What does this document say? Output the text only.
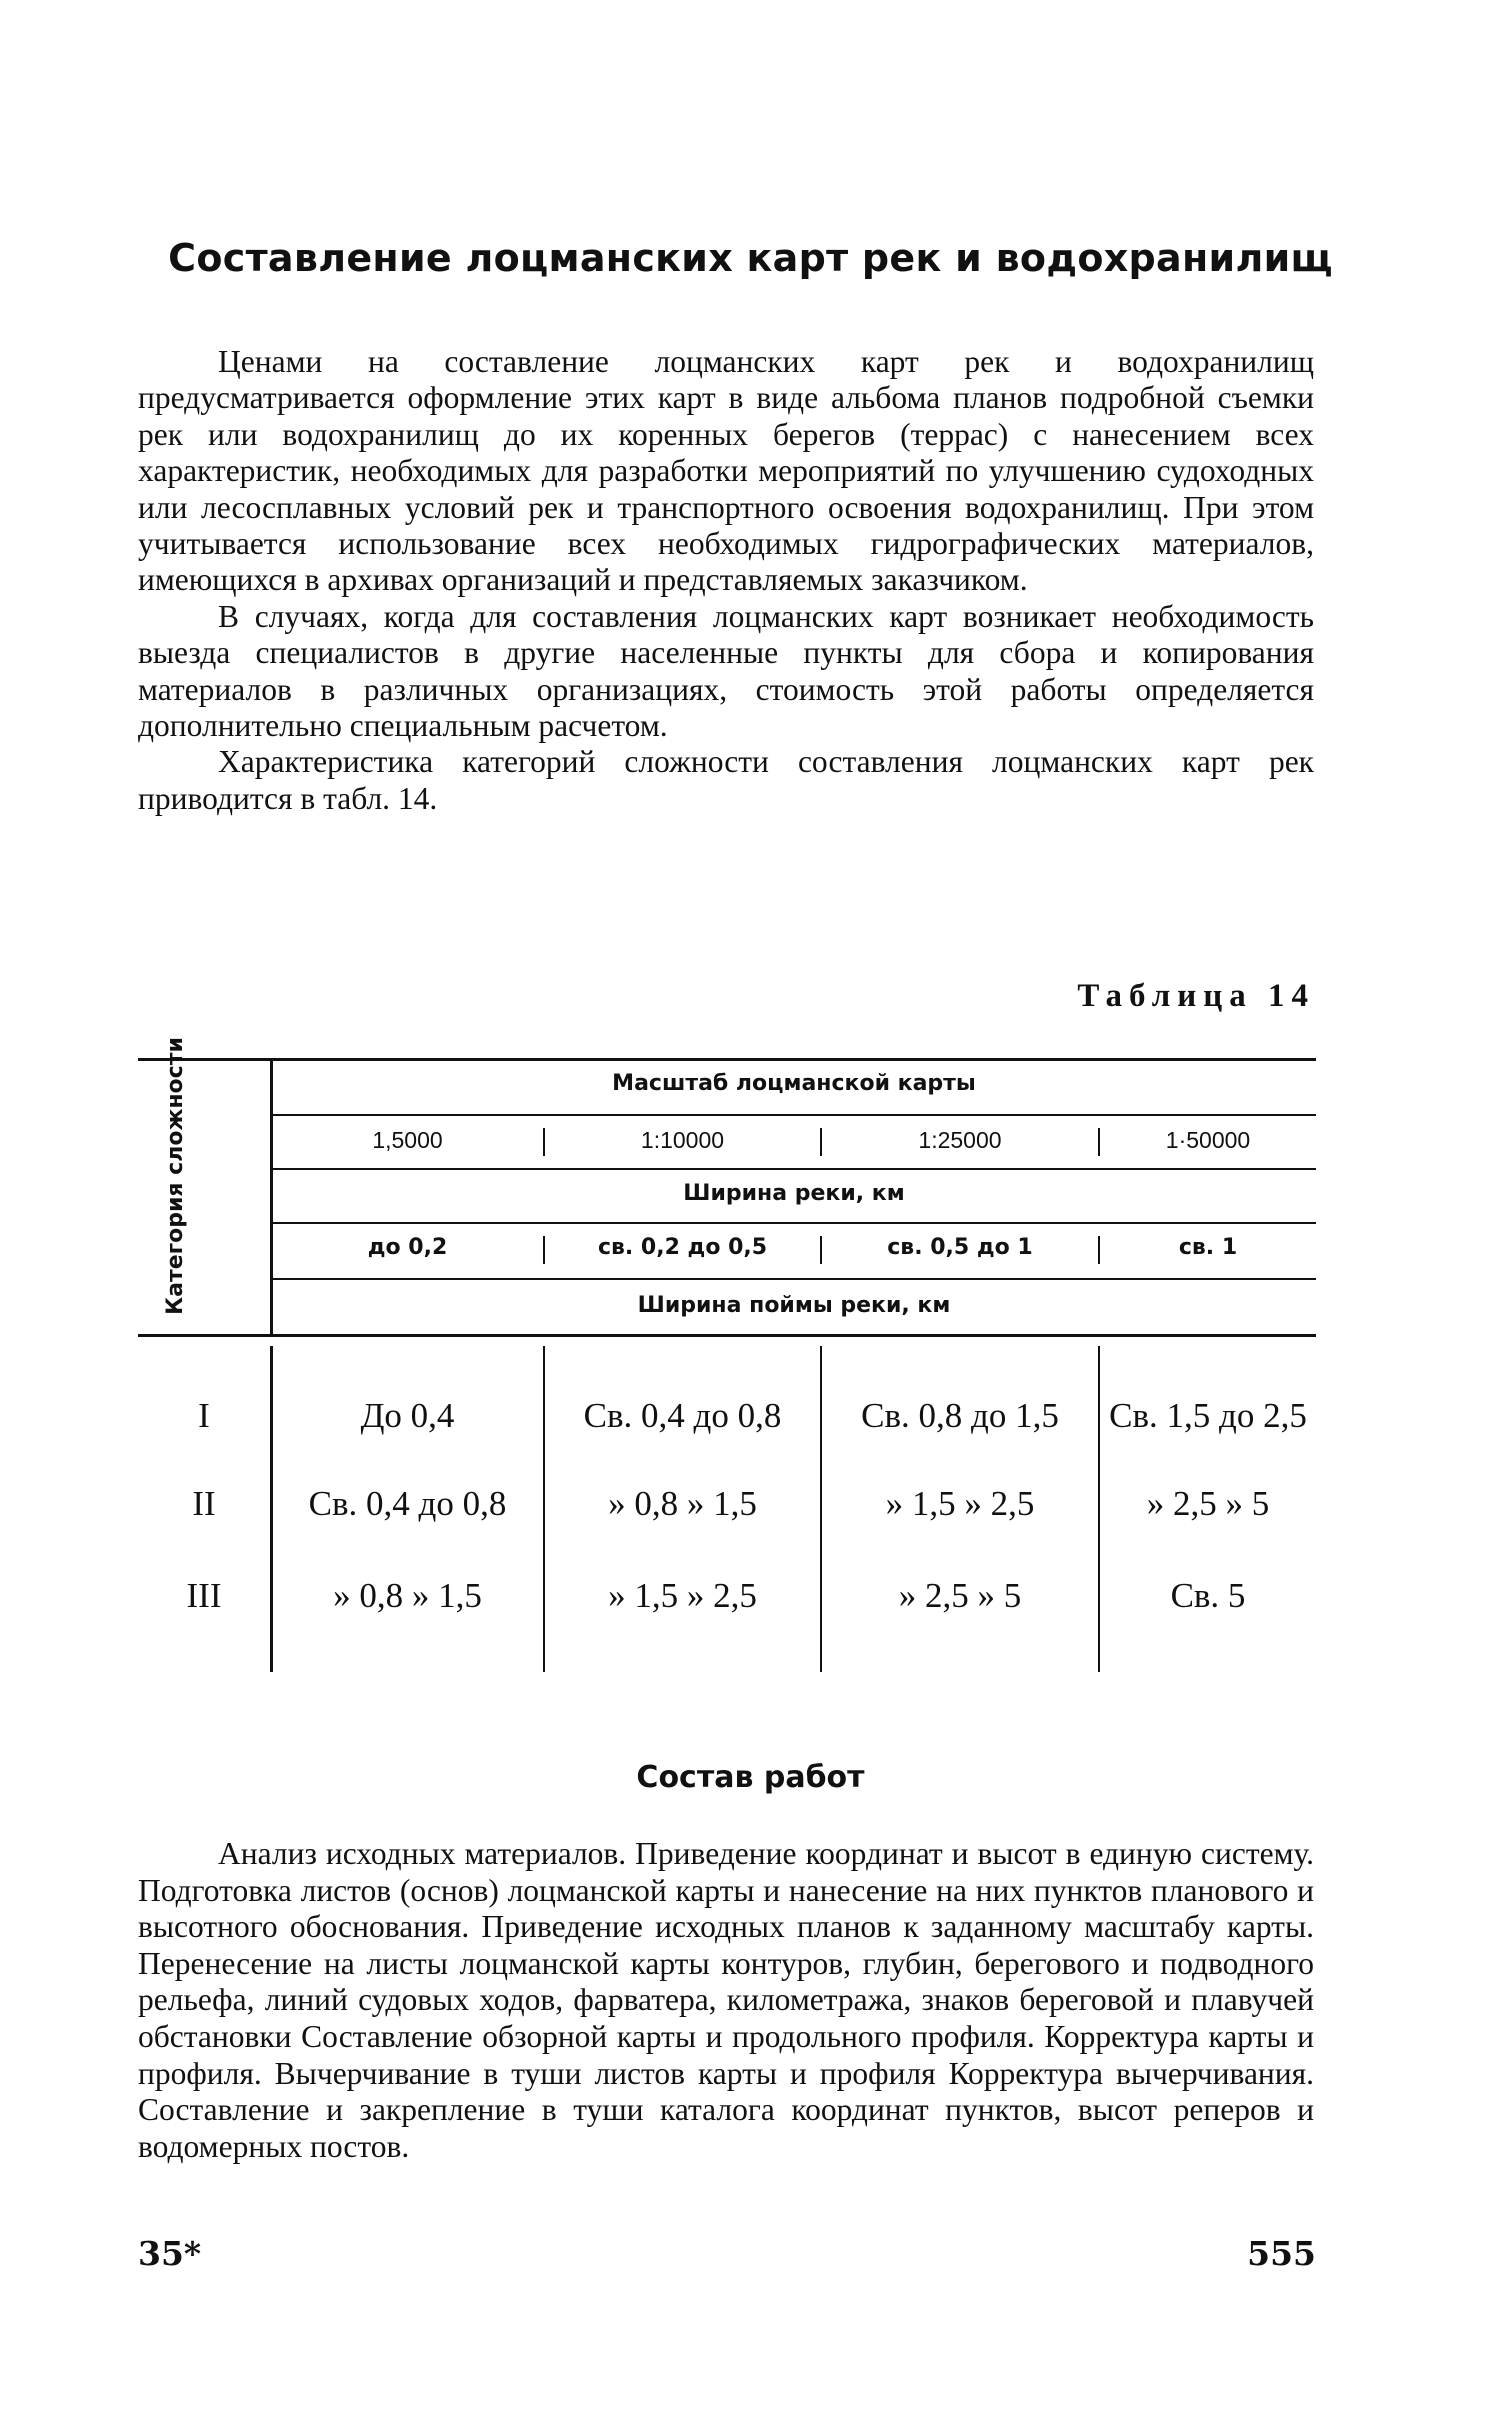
Составление лоцманских карт рек и водохранилищ

Ценами на составление лоцманских карт рек и водохранилищ предусматривается оформление этих карт в виде альбома планов подробной съемки рек или водохранилищ до их коренных берегов (террас) с нанесением всех характеристик, необходимых для разработки мероприятий по улучшению судоходных или лесосплавных условий рек и транспортного освоения водохранилищ. При этом учитывается использование всех необходимых гидрографических материалов, имеющихся в архивах организаций и представляемых заказчиком.

В случаях, когда для составления лоцманских карт возникает необходимость выезда специалистов в другие населенные пункты для сбора и копирования материалов в различных организациях, стоимость этой работы определяется дополнительно специальным расчетом.

Характеристика категорий сложности составления лоцманских карт рек приводится в табл. 14.

Таблица 14
Категория сложности	Масштаб лоцманской карты
1,5000	1:10000	1:25000	1·50000
Ширина реки, км
до 0,2	св. 0,2 до 0,5	св. 0,5 до 1	св. 1
Ширина поймы реки, км
I	До 0,4	Св. 0,4 до 0,8	Св. 0,8 до 1,5	Св. 1,5 до 2,5
II	Св. 0,4 до 0,8	» 0,8 » 1,5	» 1,5 » 2,5	» 2,5 » 5
III	» 0,8 » 1,5	» 1,5 » 2,5	» 2,5 » 5	Св. 5
Состав работ

Анализ исходных материалов. Приведение координат и высот в единую систему. Подготовка листов (основ) лоцманской карты и нанесение на них пунктов планового и высотного обоснования. Приведение исходных планов к заданному масштабу карты. Перенесение на листы лоцманской карты контуров, глубин, берегового и подводного рельефа, линий судовых ходов, фарватера, километража, знаков береговой и плавучей обстановки Составление обзорной карты и продольного профиля. Корректура карты и профиля. Вычерчивание в туши листов карты и профиля Корректура вычерчивания. Составление и закрепление в туши каталога координат пунктов, высот реперов и водомерных постов.

35*	555
